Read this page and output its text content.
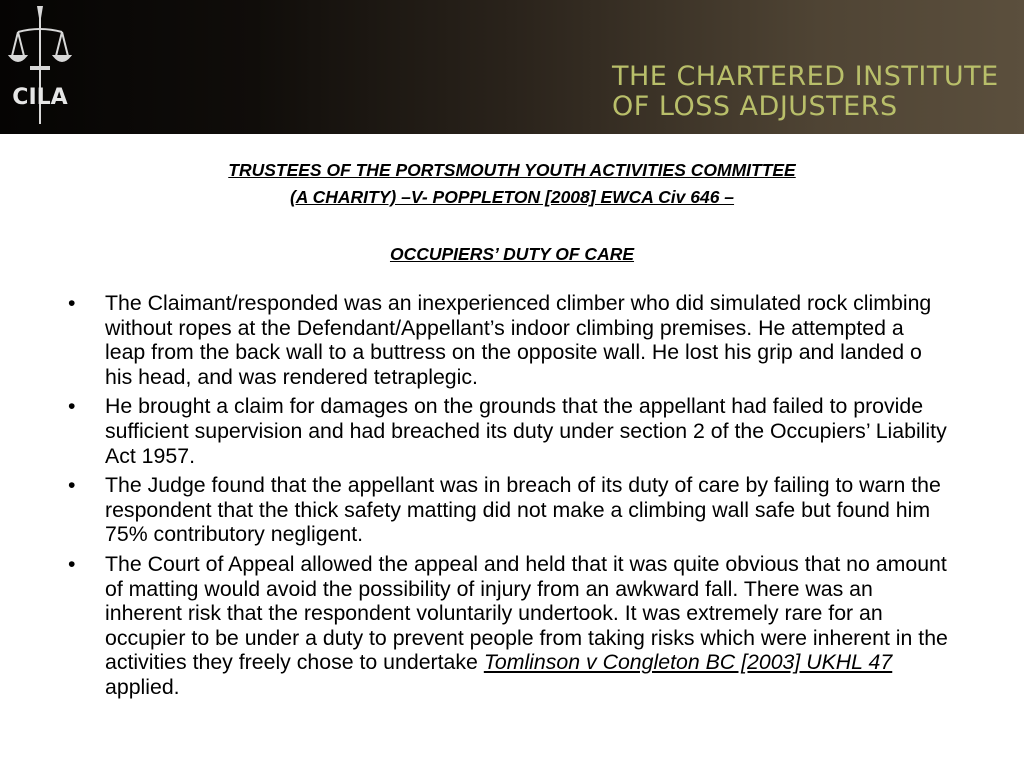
CILA
THE CHARTERED INSTITUTE
OF LOSS ADJUSTERS
TRUSTEES OF THE PORTSMOUTH YOUTH ACTIVITIES COMMITTEE
(A CHARITY) –V- POPPLETON [2008] EWCA Civ 646 –
OCCUPIERS’ DUTY OF CARE
• The Claimant/responded was an inexperienced climber who did simulated rock climbing without ropes at the Defendant/Appellant’s indoor climbing premises. He attempted a leap from the back wall to a buttress on the opposite wall. He lost his grip and landed o his head, and was rendered tetraplegic.
• He brought a claim for damages on the grounds that the appellant had failed to provide sufficient supervision and had breached its duty under section 2 of the Occupiers’ Liability Act 1957.
• The Judge found that the appellant was in breach of its duty of care by failing to warn the respondent that the thick safety matting did not make a climbing wall safe but found him 75% contributory negligent.
• The Court of Appeal allowed the appeal and held that it was quite obvious that no amount of matting would avoid the possibility of injury from an awkward fall. There was an inherent risk that the respondent voluntarily undertook. It was extremely rare for an occupier to be under a duty to prevent people from taking risks which were inherent in the activities they freely chose to undertake Tomlinson v Congleton BC [2003] UKHL 47 applied.
